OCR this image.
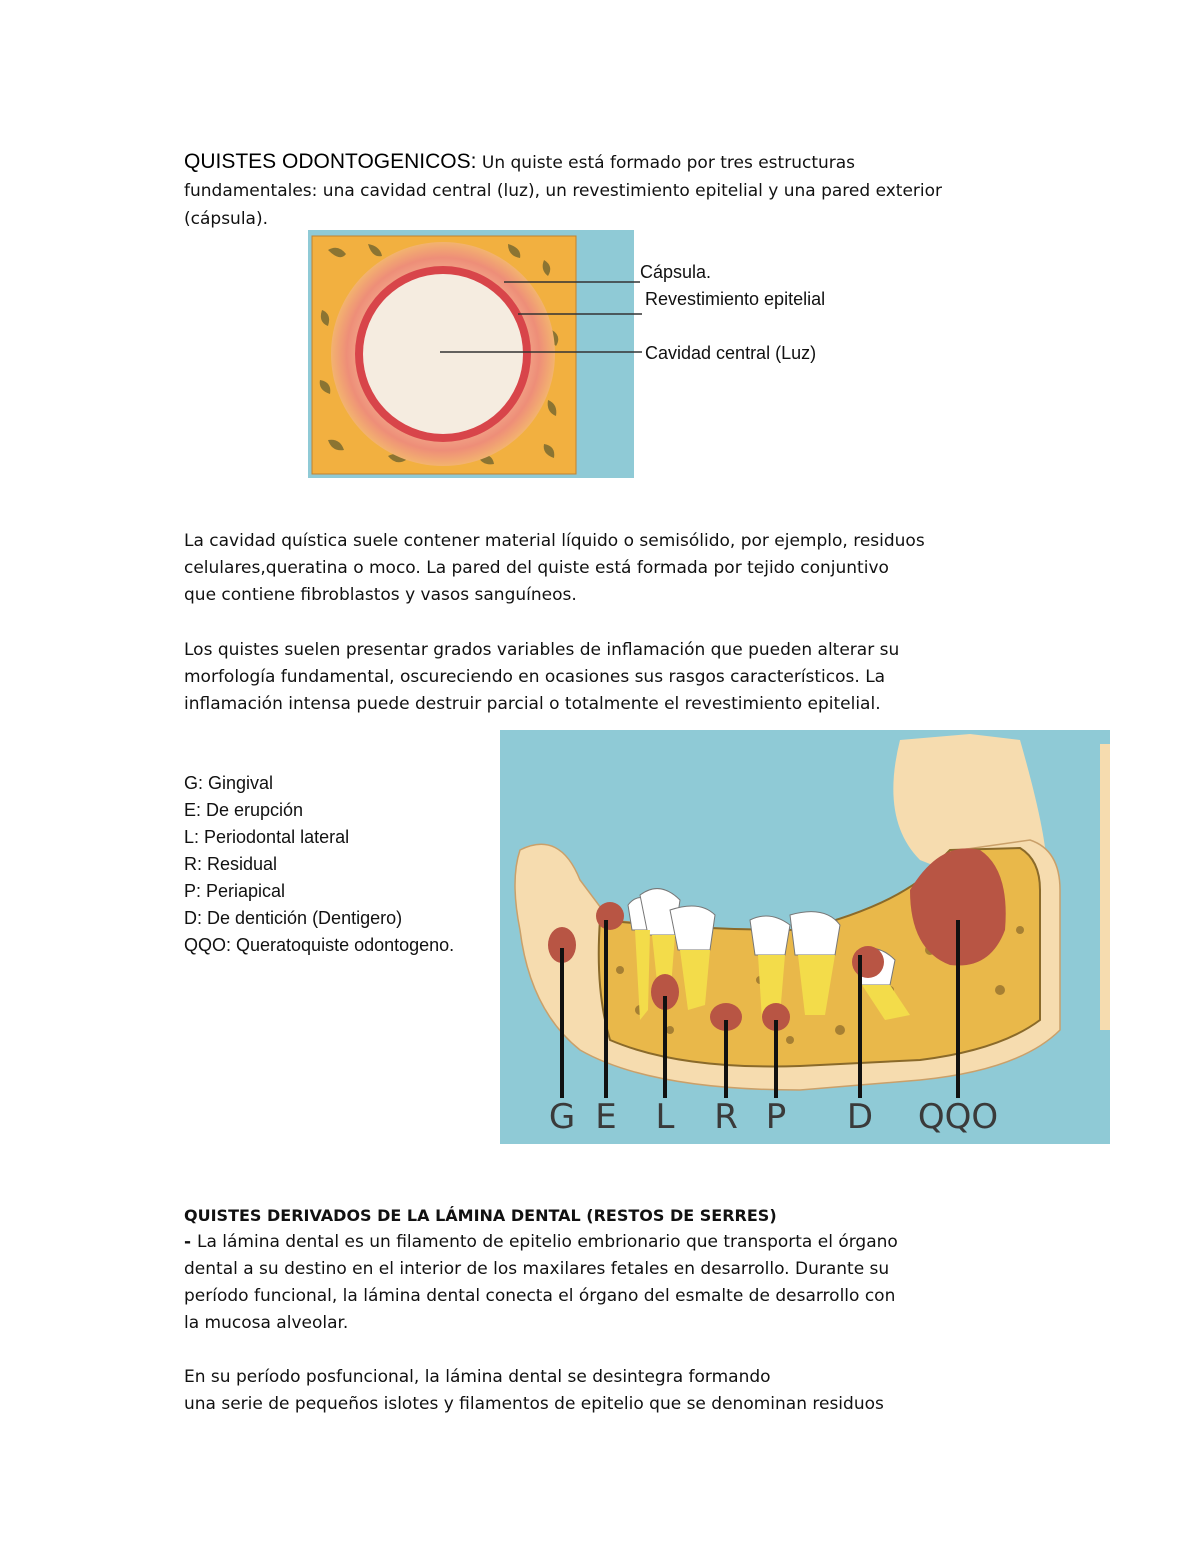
QUISTES ODONTOGENICOS: Un quiste está formado por tres estructuras

fundamentales: una cavidad central (luz), un revestimiento epitelial y una pared exterior

(cápsula).

Cápsula.
Revestimiento epitelial
Cavidad central (Luz)

La cavidad quística suele contener material líquido o semisólido, por ejemplo, residuos

celulares,queratina o moco. La pared del quiste está formada por tejido conjuntivo

que contiene fibroblastos y vasos sanguíneos.

Los quistes suelen presentar grados variables de inflamación que pueden alterar su

morfología fundamental, oscureciendo en ocasiones sus rasgos característicos. La

inflamación intensa puede destruir parcial o totalmente el revestimiento epitelial.

G: Gingival
E: De erupción
L: Periodontal lateral
R: Residual
P: Periapical
D: De dentición (Dentigero)
QQO: Queratoquiste odontogeno.
G E L R P D QQO

QUISTES DERIVADOS DE LA LÁMINA DENTAL (RESTOS DE SERRES)

- La lámina dental es un filamento de epitelio embrionario que transporta el órgano

dental a su destino en el interior de los maxilares fetales en desarrollo. Durante su

período funcional, la lámina dental conecta el órgano del esmalte de desarrollo con

la mucosa alveolar.

En su período posfuncional, la lámina dental se desintegra formando

una serie de pequeños islotes y filamentos de epitelio que se denominan residuos
